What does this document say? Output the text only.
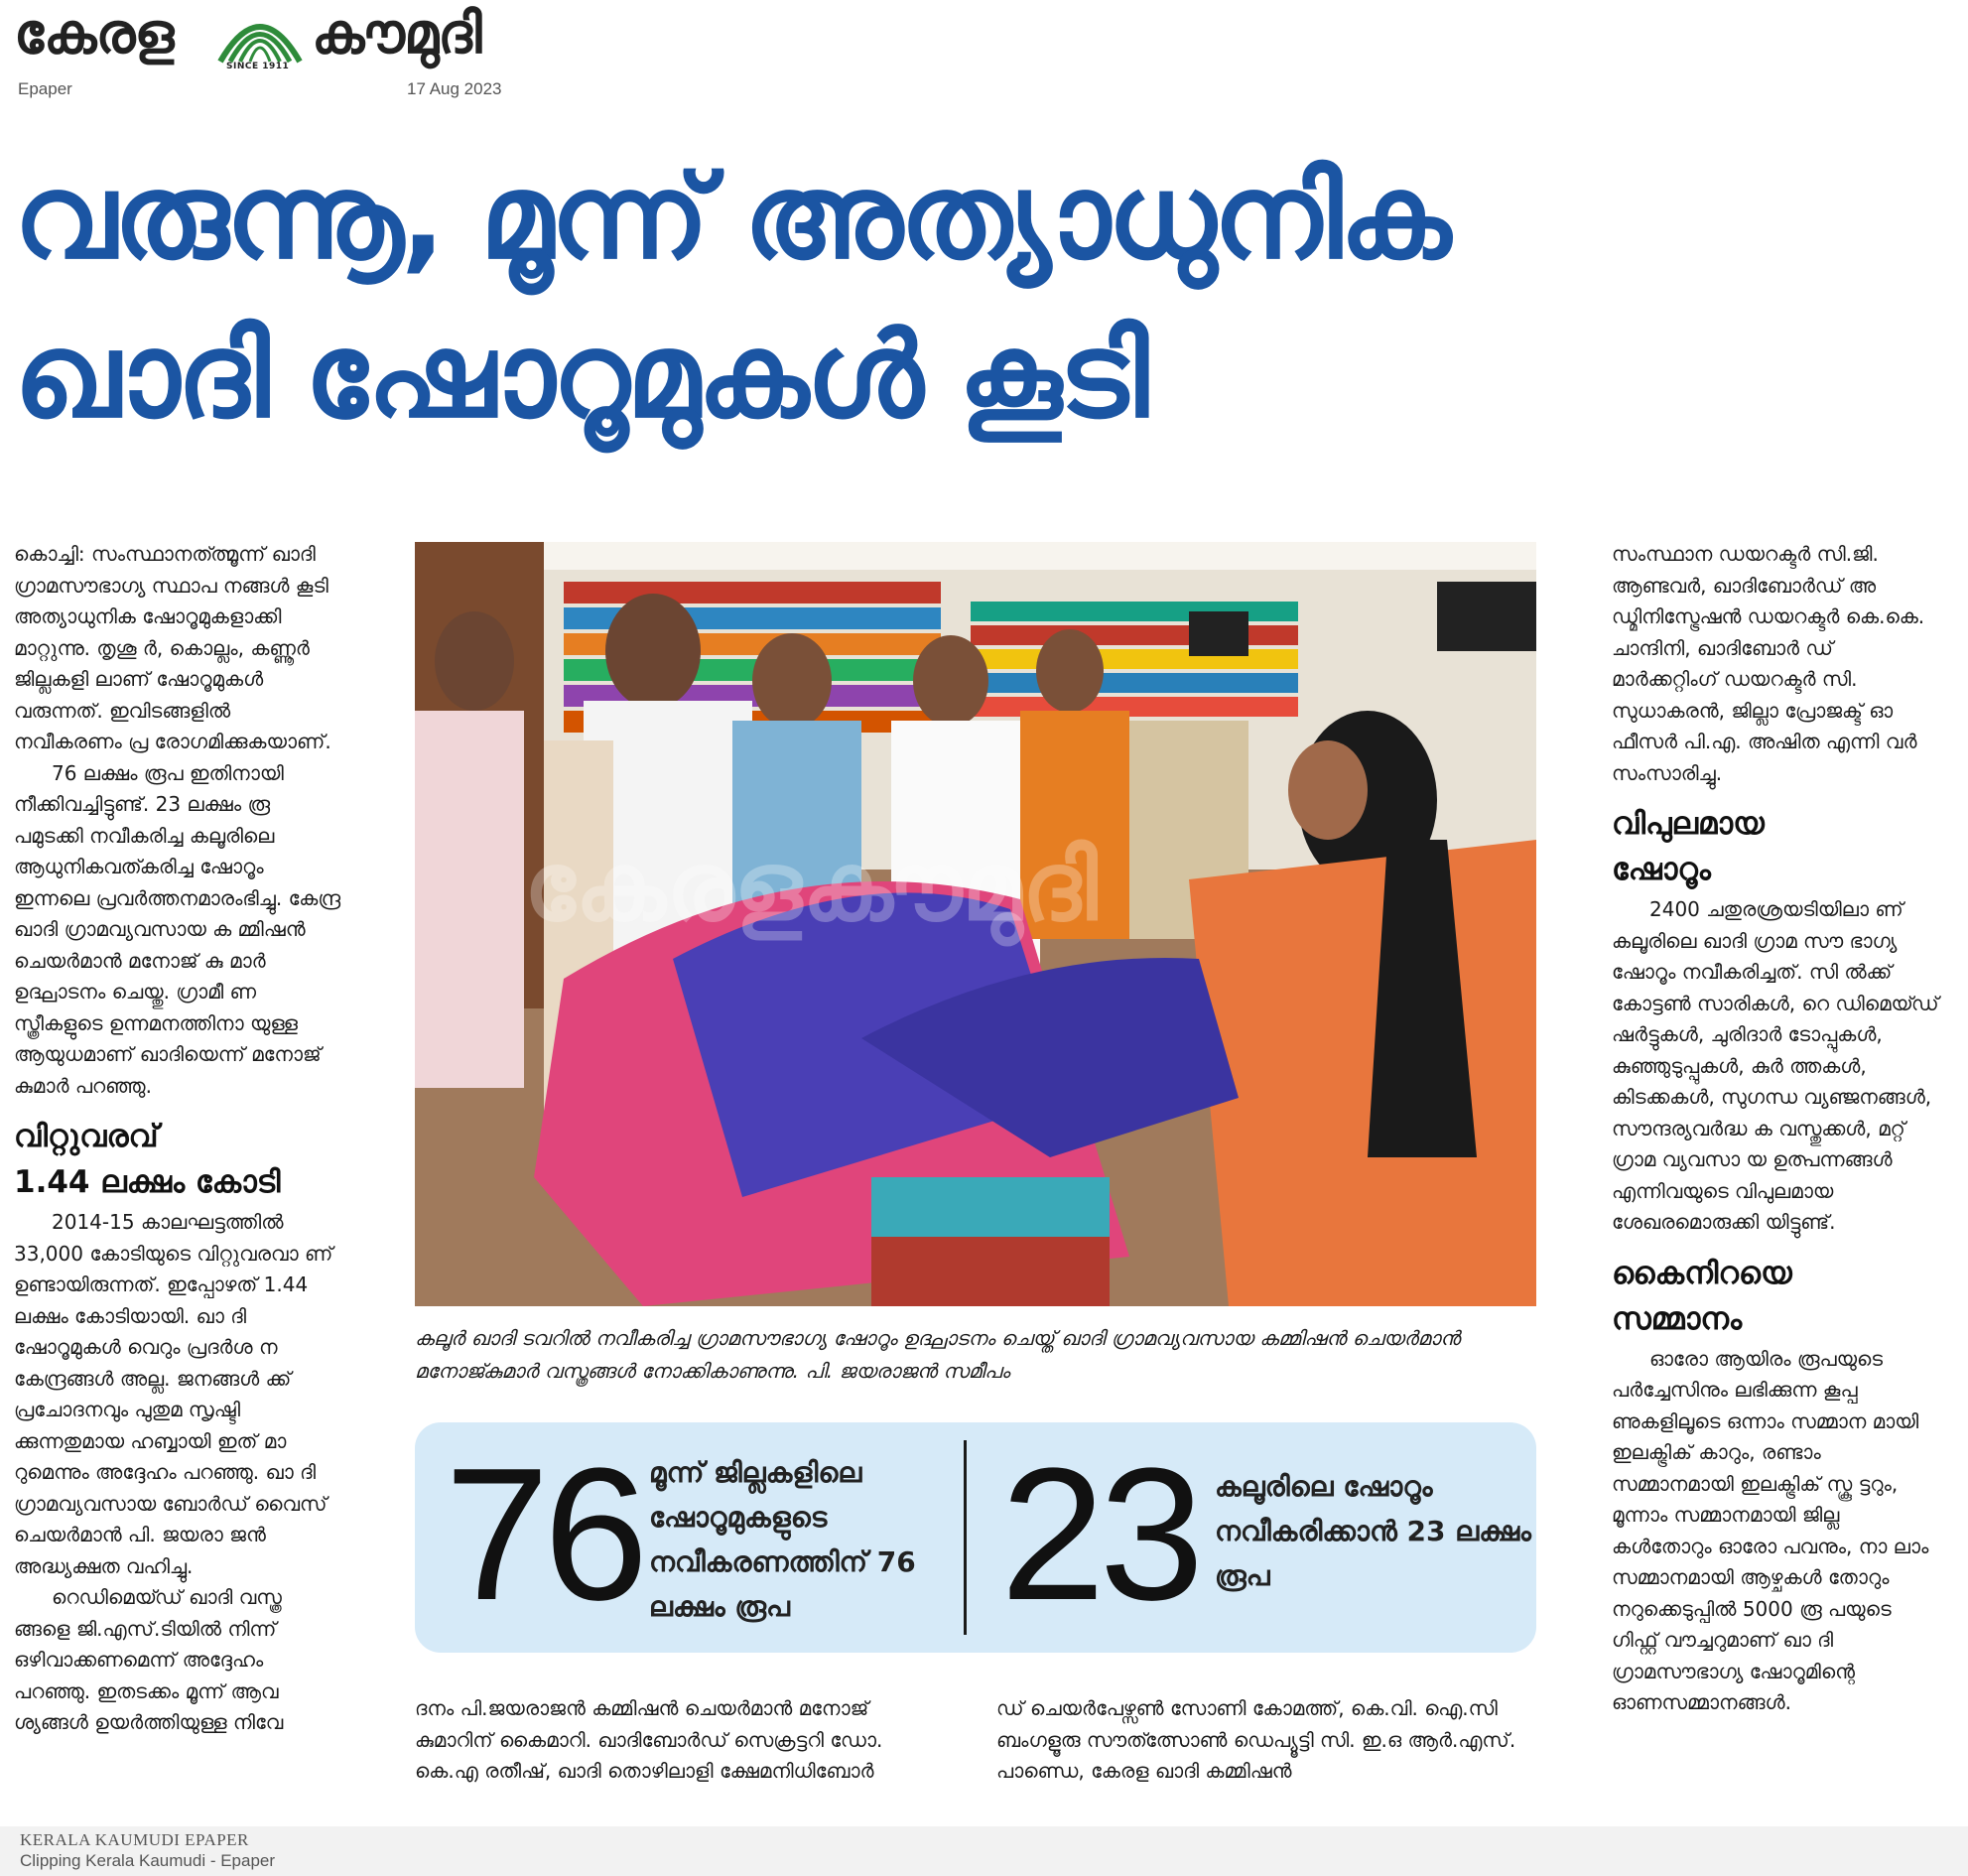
കേരള	SINCE 1911 കൗമുദി
Epaper	17 Aug 2023
വരുന്നൂ, മൂന്ന് അത്യാധുനിക
ഖാദി ഷോറൂമുകൾ കൂടി

കൊച്ചി: സംസ്ഥാനത്ത്മൂന്ന് ഖാദി ഗ്രാമസൗഭാഗ്യ സ്ഥാപ നങ്ങൾ കൂടി അത്യാധുനിക ഷോറൂമുകളാക്കി മാറ്റുന്നു. തൃശൂ ർ, കൊല്ലം, കണ്ണൂർ ജില്ലകളി ലാണ് ഷോറൂമുകൾ വരുന്നത്. ഇവിടങ്ങളിൽ നവീകരണം പ്ര രോഗമിക്കുകയാണ്.

76 ലക്ഷം രൂപ ഇതിനായി നീക്കിവച്ചിട്ടുണ്ട്. 23 ലക്ഷം രൂ പമുടക്കി നവീകരിച്ച കലൂരിലെ ആധുനികവത്കരിച്ച ഷോറൂം ഇന്നലെ പ്രവർത്തനമാരംഭിച്ചു. കേന്ദ്ര ഖാദി ഗ്രാമവ്യവസായ ക മ്മിഷൻ ചെയർമാൻ മനോജ് കു മാർ ഉദ്ഘാടനം ചെയ്തു. ഗ്രാമീ ണ സ്ത്രീകളുടെ ഉന്നമനത്തിനാ യുള്ള ആയുധമാണ് ഖാദിയെന്ന് മനോജ് കുമാർ പറഞ്ഞു.

വിറ്റുവരവ്
1.44 ലക്ഷം കോടി

2014-15 കാലഘട്ടത്തിൽ 33,000 കോടിയുടെ വിറ്റുവരവാ ണ് ഉണ്ടായിരുന്നത്. ഇപ്പോഴത് 1.44 ലക്ഷം കോടിയായി. ഖാ ദി ഷോറൂമുകൾ വെറും പ്രദർശ ന കേന്ദ്രങ്ങൾ അല്ല. ജനങ്ങൾ ക്ക് പ്രചോദനവും പുതുമ സൃഷ്ടി ക്കുന്നതുമായ ഹബ്ബായി ഇത് മാ റുമെന്നും അദ്ദേഹം പറഞ്ഞു. ഖാ ദി ഗ്രാമവ്യവസായ ബോർഡ് വൈസ് ചെയർമാൻ പി. ജയരാ ജൻ അദ്ധ്യക്ഷത വഹിച്ചു.

റെഡിമെയ്ഡ് ഖാദി വസ്ത്ര ങ്ങളെ ജി.എസ്.ടിയിൽ നിന്ന് ഒഴിവാക്കണമെന്ന് അദ്ദേഹം പറഞ്ഞു. ഇതടക്കം മൂന്ന് ആവ ശ്യങ്ങൾ ഉയർത്തിയുള്ള നിവേ

കേരളകൗമുദി
കലൂർ ഖാദി ടവറിൽ നവീകരിച്ച ഗ്രാമസൗഭാഗ്യ ഷോറൂം ഉദ്ഘാടനം ചെയ്ത് ഖാദി ഗ്രാമവ്യവസായ കമ്മിഷൻ ചെയർമാൻ മനോജ്കുമാർ വസ്ത്രങ്ങൾ നോക്കികാണുന്നു. പി. ജയരാജൻ സമീപം
76 മൂന്ന് ജില്ലകളിലെ ഷോറൂമുകളുടെ നവീകരണത്തിന് 76 ലക്ഷം രൂപ	23 കലൂരിലെ ഷോറൂം നവീകരിക്കാൻ 23 ലക്ഷം രൂപ
ദനം പി.ജയരാജൻ കമ്മിഷൻ ചെയർമാൻ മനോജ് കുമാറിന് കൈമാറി. ഖാദിബോർഡ് സെക്രട്ടറി ഡോ. കെ.എ രതീഷ്, ഖാദി തൊഴിലാളി ക്ഷേമനിധിബോർ
ഡ് ചെയർപേഴ്സൺ സോണി കോമത്ത്, കെ.വി. ഐ.സി ബംഗളൂരു സൗത്ത്സോൺ ഡെപ്യൂട്ടി സി. ഇ.ഒ ആർ.എസ്. പാണ്ഡെ, കേരള ഖാദി കമ്മിഷൻ

സംസ്ഥാന ഡയറക്ടർ സി.ജി. ആണ്ടവർ, ഖാദിബോർഡ് അ ഡ്മിനിസ്ട്രേഷൻ ഡയറക്ടർ കെ.കെ. ചാന്ദിനി, ഖാദിബോർ ഡ് മാർക്കറ്റിംഗ് ഡയറക്ടർ സി. സുധാകരൻ, ജില്ലാ പ്രോജക്ട് ഓ ഫീസർ പി.എ. അഷിത എന്നി വർ സംസാരിച്ചു.

വിപുലമായ
ഷോറൂം

2400 ചതുരശ്രയടിയിലാ ണ് കലൂരിലെ ഖാദി ഗ്രാമ സൗ ഭാഗ്യ ഷോറൂം നവീകരിച്ചത്. സി ൽക്ക് കോട്ടൺ സാരികൾ, റെ ഡിമെയ്ഡ് ഷർട്ടുകൾ, ചുരിദാർ ടോപ്പുകൾ, കുഞ്ഞുടുപ്പുകൾ, കുർ ത്തകൾ, കിടക്കകൾ, സുഗന്ധ വ്യഞ്ജനങ്ങൾ, സൗന്ദര്യവർദ്ധ ക വസ്തുക്കൾ, മറ്റ് ഗ്രാമ വ്യവസാ യ ഉത്പന്നങ്ങൾ എന്നിവയുടെ വിപുലമായ ശേഖരമൊരുക്കി യിട്ടുണ്ട്.

കൈനിറയെ
സമ്മാനം

ഓരോ ആയിരം രൂപയുടെ പർച്ചേസിനും ലഭിക്കുന്ന കൂപ്പ ണുകളിലൂടെ ഒന്നാം സമ്മാന മായി ഇലക്ട്രിക് കാറും, രണ്ടാം സമ്മാനമായി ഇലക്ട്രിക് സ്കൂ ട്ടറും, മൂന്നാം സമ്മാനമായി ജില്ല കൾതോറും ഓരോ പവനും, നാ ലാം സമ്മാനമായി ആഴ്ചകൾ തോറും നറുക്കെടുപ്പിൽ 5000 രൂ പയുടെ ഗിഫ്റ്റ് വൗച്ചറുമാണ് ഖാ ദി ഗ്രാമസൗഭാഗ്യ ഷോറൂമിന്റെ ഓണസമ്മാനങ്ങൾ.

KERALA KAUMUDI EPAPER
Clipping Kerala Kaumudi - Epaper
